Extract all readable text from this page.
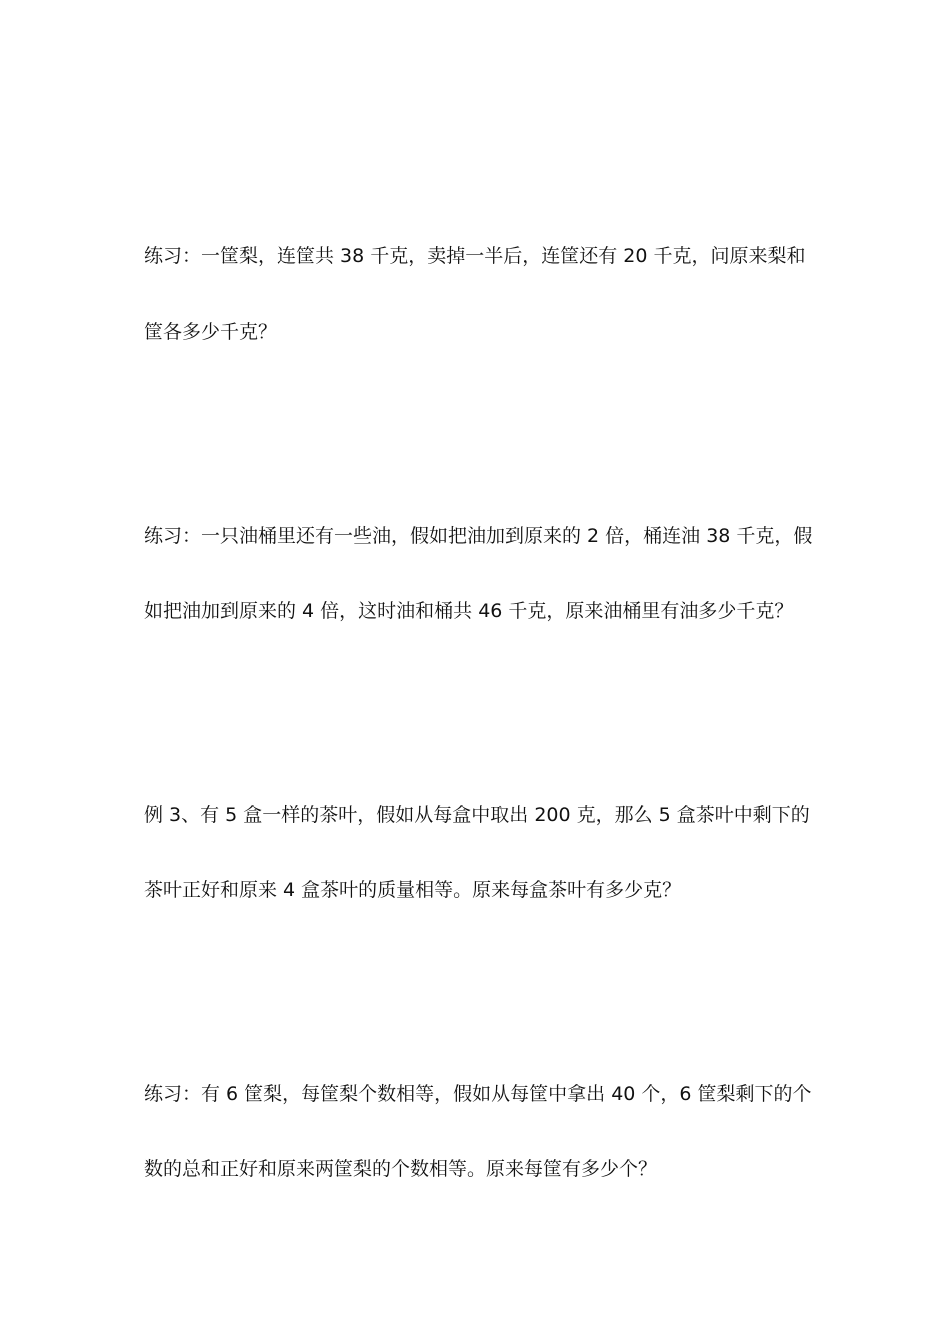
练习：一筐梨，连筐共 38 千克，卖掉一半后，连筐还有 20 千克，问原来梨和
筐各多少千克？
练习：一只油桶里还有一些油，假如把油加到原来的 2 倍，桶连油 38 千克，假
如把油加到原来的 4 倍，这时油和桶共 46 千克，原来油桶里有油多少千克？
例 3、有 5 盒一样的茶叶，假如从每盒中取出 200 克，那么 5 盒茶叶中剩下的
茶叶正好和原来 4 盒茶叶的质量相等。原来每盒茶叶有多少克？
练习：有 6 筐梨，每筐梨个数相等，假如从每筐中拿出 40 个，6 筐梨剩下的个
数的总和正好和原来两筐梨的个数相等。原来每筐有多少个？
